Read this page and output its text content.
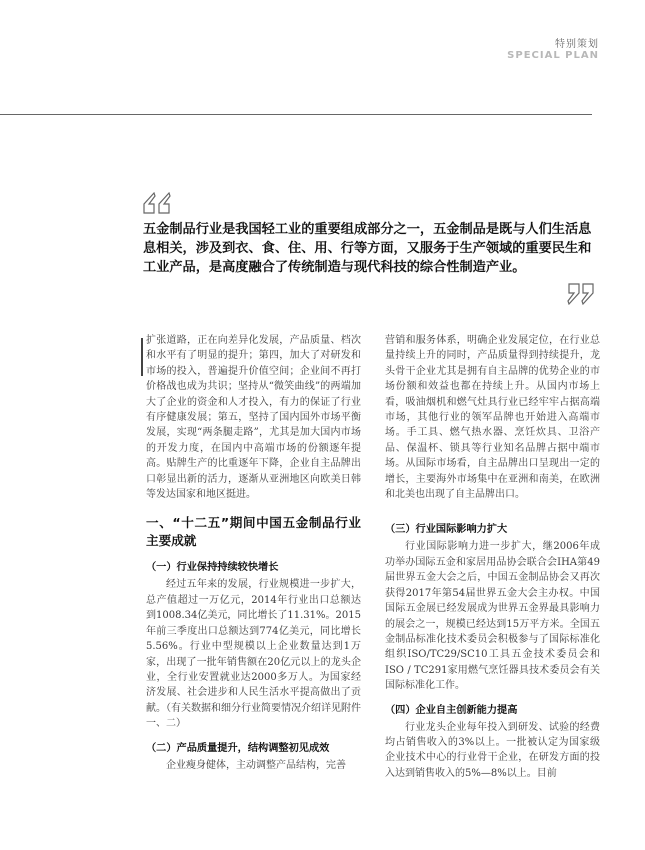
特别策划
SPECIAL PLAN

五金制品行业是我国轻工业的重要组成部分之一，五金制品是既与人们生活息息相关，涉及到衣、食、住、用、行等方面，又服务于生产领域的重要民生和工业产品，是高度融合了传统制造与现代科技的综合性制造产业。

扩张道路，正在向差异化发展，产品质量、档次和水平有了明显的提升；第四，加大了对研发和市场的投入，普遍提升价值空间；企业间不再打价格战也成为共识；坚持从“微笑曲线”的两端加大了企业的资金和人才投入，有力的保证了行业有序健康发展；第五，坚持了国内国外市场平衡发展，实现“两条腿走路”，尤其是加大国内市场的开发力度，在国内中高端市场的份额逐年提高。贴牌生产的比重逐年下降，企业自主品牌出口彰显出新的活力，逐渐从亚洲地区向欧美日韩等发达国家和地区挺进。

一、“十二五”期间中国五金制品行业主要成就

（一）行业保持持续较快增长

经过五年来的发展，行业规模进一步扩大，总产值超过一万亿元，2014年行业出口总额达到1008.34亿美元，同比增长了11.31%。2015年前三季度出口总额达到774亿美元，同比增长5.56%。行业中型规模以上企业数量达到1万家，出现了一批年销售额在20亿元以上的龙头企业，全行业安置就业达2000多万人。为国家经济发展、社会进步和人民生活水平提高做出了贡献。（有关数据和细分行业简要情况介绍详见附件一、二）

（二）产品质量提升，结构调整初见成效

企业瘦身健体，主动调整产品结构，完善

营销和服务体系，明确企业发展定位，在行业总量持续上升的同时，产品质量得到持续提升，龙头骨干企业尤其是拥有自主品牌的优势企业的市场份额和效益也都在持续上升。从国内市场上看，吸油烟机和燃气灶具行业已经牢牢占据高端市场，其他行业的领军品牌也开始进入高端市场。手工具、燃气热水器、烹饪炊具、卫浴产品、保温杯、锁具等行业知名品牌占据中端市场。从国际市场看，自主品牌出口呈现出一定的增长，主要海外市场集中在亚洲和南美，在欧洲和北美也出现了自主品牌出口。

（三）行业国际影响力扩大

行业国际影响力进一步扩大，继2006年成功举办国际五金和家居用品协会联合会IHA第49届世界五金大会之后，中国五金制品协会又再次获得2017年第54届世界五金大会主办权。中国国际五金展已经发展成为世界五金界最具影响力的展会之一，规模已经达到15万平方米。全国五金制品标准化技术委员会积极参与了国际标准化组织ISO/TC29/SC10工具五金技术委员会和ISO / TC291家用燃气烹饪器具技术委员会有关国际标准化工作。

（四）企业自主创新能力提高

行业龙头企业每年投入到研发、试验的经费均占销售收入的3%以上。一批被认定为国家级企业技术中心的行业骨干企业，在研发方面的投入达到销售收入的5%—8%以上。目前
